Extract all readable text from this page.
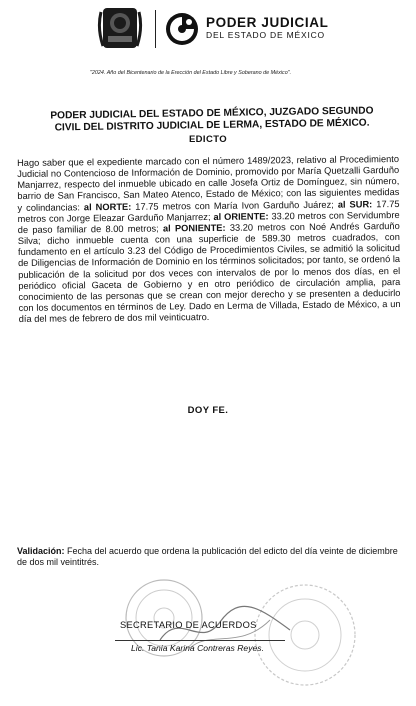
PODER JUDICIAL
DEL ESTADO DE MÉXICO
"2024. Año del Bicentenario de la Erección del Estado Libre y Soberano de México".
PODER JUDICIAL DEL ESTADO DE MÉXICO, JUZGADO SEGUNDO
CIVIL DEL DISTRITO JUDICIAL DE LERMA, ESTADO DE MÉXICO.
EDICTO
Hago saber que el expediente marcado con el número 1489/2023, relativo al Procedimiento Judicial no Contencioso de Información de Dominio, promovido por María Quetzalli Garduño Manjarrez, respecto del inmueble ubicado en calle Josefa Ortiz de Domínguez, sin número, barrio de San Francisco, San Mateo Atenco, Estado de México; con las siguientes medidas y colindancias: al NORTE: 17.75 metros con María Ivon Garduño Juárez; al SUR: 17.75 metros con Jorge Eleazar Garduño Manjarrez; al ORIENTE: 33.20 metros con Servidumbre de paso familiar de 8.00 metros; al PONIENTE: 33.20 metros con Noé Andrés Garduño Silva; dicho inmueble cuenta con una superficie de 589.30 metros cuadrados, con fundamento en el artículo 3.23 del Código de Procedimientos Civiles, se admitió la solicitud de Diligencias de Información de Dominio en los términos solicitados; por tanto, se ordenó la publicación de la solicitud por dos veces con intervalos de por lo menos dos días, en el periódico oficial Gaceta de Gobierno y en otro periódico de circulación amplia, para conocimiento de las personas que se crean con mejor derecho y se presenten a deducirlo con los documentos en términos de Ley. Dado en Lerma de Villada, Estado de México, a un día del mes de febrero de dos mil veinticuatro.
DOY FE.
Validación: Fecha del acuerdo que ordena la publicación del edicto del día veinte de diciembre de dos mil veintitrés.
SECRETARIO DE ACUERDOS
Lic. Tania Karina Contreras Reyes.
